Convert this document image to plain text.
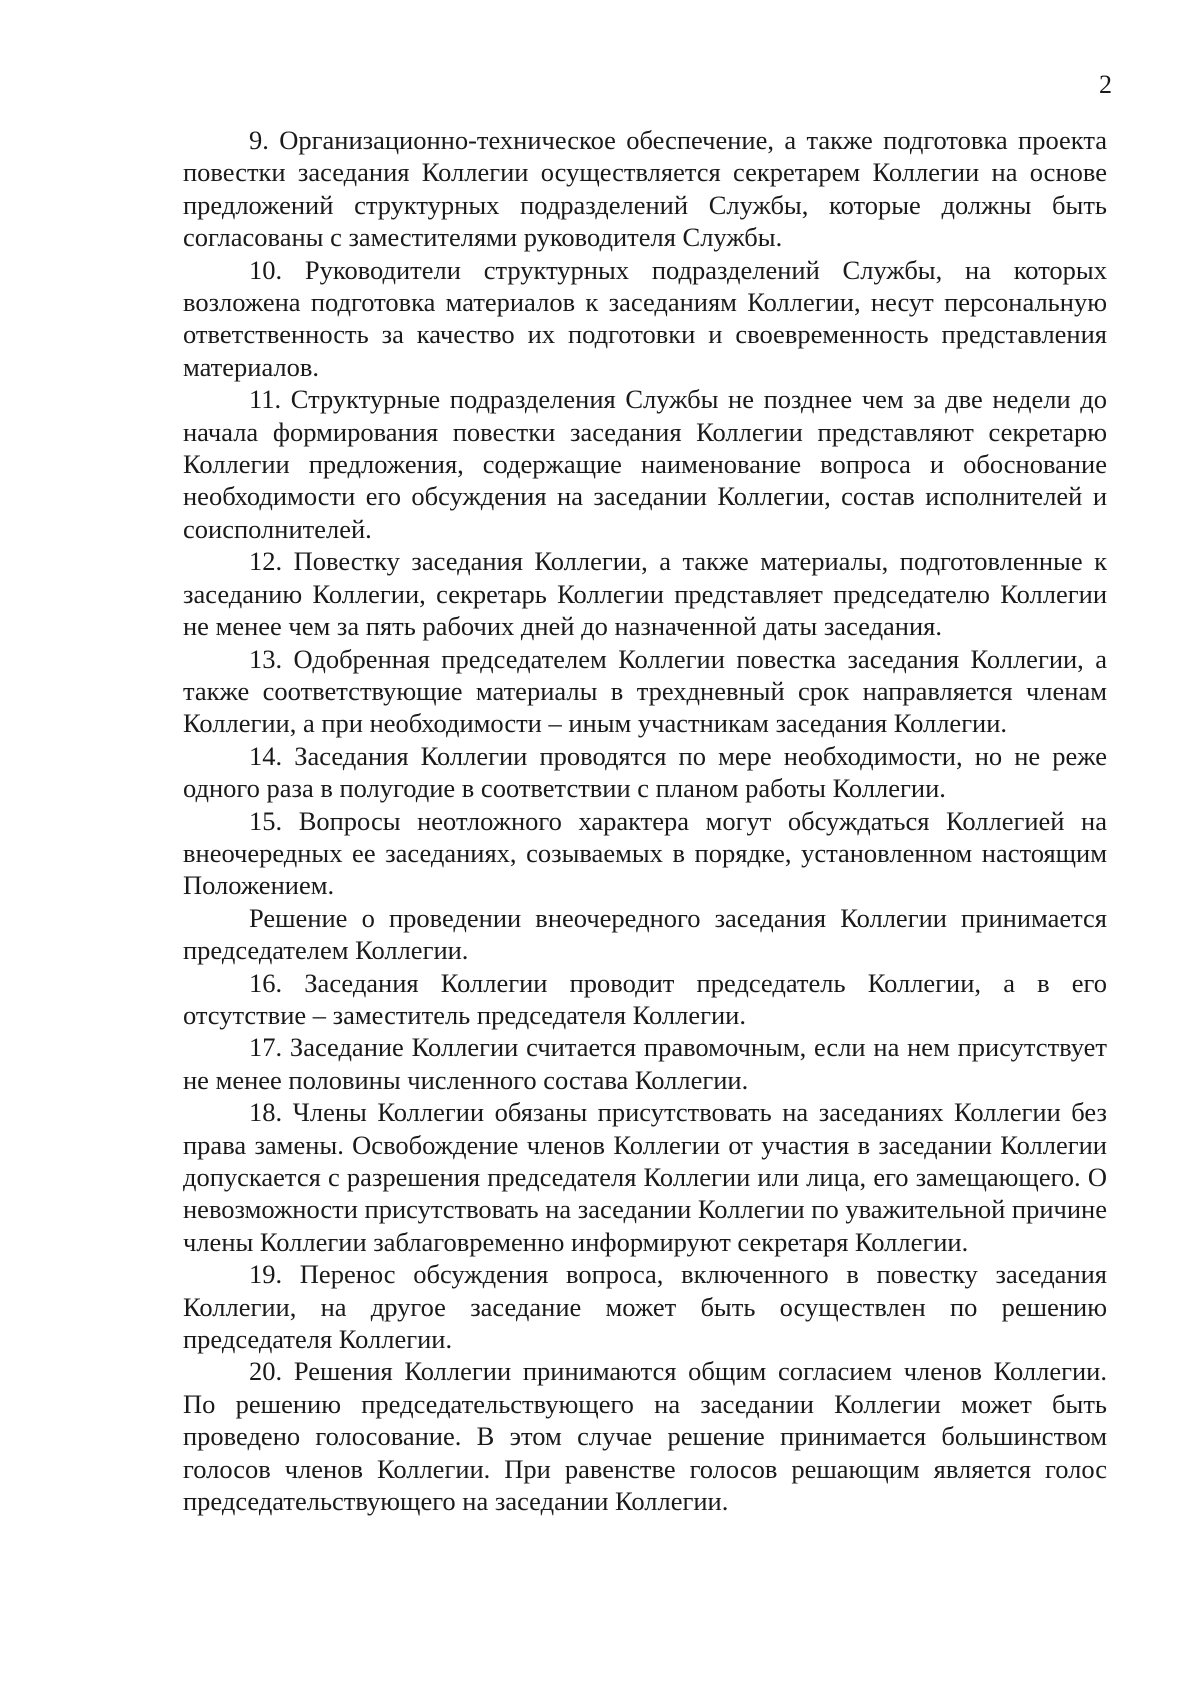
2

9. Организационно-техническое обеспечение, а также подготовка проекта повестки заседания Коллегии осуществляется секретарем Коллегии на основе предложений структурных подразделений Службы, которые должны быть согласованы с заместителями руководителя Службы.

10. Руководители структурных подразделений Службы, на которых возложена подготовка материалов к заседаниям Коллегии, несут персональную ответственность за качество их подготовки и своевременность представления материалов.

11. Структурные подразделения Службы не позднее чем за две недели до начала формирования повестки заседания Коллегии представляют секретарю Коллегии предложения, содержащие наименование вопроса и обоснование необходимости его обсуждения на заседании Коллегии, состав исполнителей и соисполнителей.

12. Повестку заседания Коллегии, а также материалы, подготовленные к заседанию Коллегии, секретарь Коллегии представляет председателю Коллегии не менее чем за пять рабочих дней до назначенной даты заседания.

13. Одобренная председателем Коллегии повестка заседания Коллегии, а также соответствующие материалы в трехдневный срок направляется членам Коллегии, а при необходимости – иным участникам заседания Коллегии.

14. Заседания Коллегии проводятся по мере необходимости, но не реже одного раза в полугодие в соответствии с планом работы Коллегии.

15. Вопросы неотложного характера могут обсуждаться Коллегией на внеочередных ее заседаниях, созываемых в порядке, установленном настоящим Положением.

Решение о проведении внеочередного заседания Коллегии принимается председателем Коллегии.

16. Заседания Коллегии проводит председатель Коллегии, а в его отсутствие – заместитель председателя Коллегии.

17. Заседание Коллегии считается правомочным, если на нем присутствует не менее половины численного состава Коллегии.

18. Члены Коллегии обязаны присутствовать на заседаниях Коллегии без права замены. Освобождение членов Коллегии от участия в заседании Коллегии допускается с разрешения председателя Коллегии или лица, его замещающего. О невозможности присутствовать на заседании Коллегии по уважительной причине члены Коллегии заблаговременно информируют секретаря Коллегии.

19. Перенос обсуждения вопроса, включенного в повестку заседания Коллегии, на другое заседание может быть осуществлен по решению председателя Коллегии.

20. Решения Коллегии принимаются общим согласием членов Коллегии. По решению председательствующего на заседании Коллегии может быть проведено голосование. В этом случае решение принимается большинством голосов членов Коллегии. При равенстве голосов решающим является голос председательствующего на заседании Коллегии.
